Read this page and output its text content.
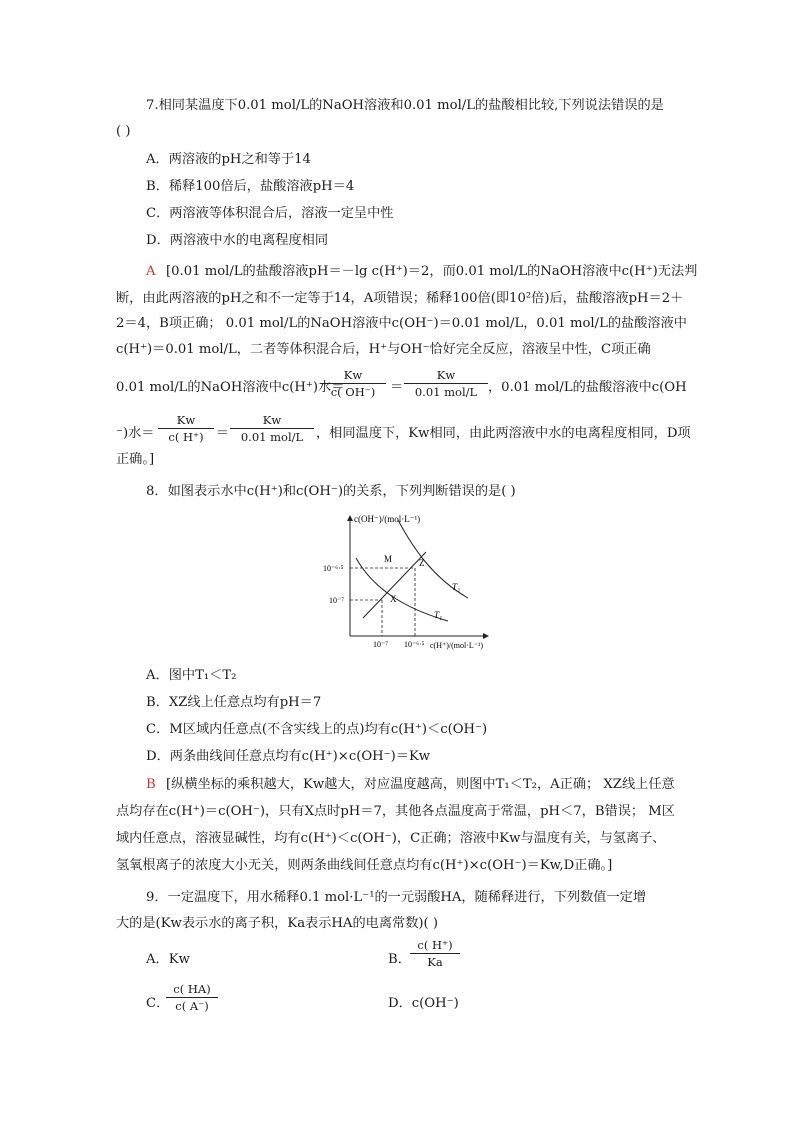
7.相同某温度下0.01 mol/L的NaOH溶液和0.01 mol/L的盐酸相比较,下列说法错误的是
( )
A．两溶液的pH之和等于14
B．稀释100倍后，盐酸溶液pH＝4
C．两溶液等体积混合后，溶液一定呈中性
D．两溶液中水的电离程度相同
A [0.01 mol/L的盐酸溶液pH＝－lg c(H⁺)＝2，而0.01 mol/L的NaOH溶液中c(H⁺)无法判
断，由此两溶液的pH之和不一定等于14，A项错误；稀释100倍(即10²倍)后，盐酸溶液pH＝2＋
2＝4，B项正确； 0.01 mol/L的NaOH溶液中c(OH⁻)＝0.01 mol/L，0.01 mol/L的盐酸溶液中
c(H⁺)＝0.01 mol/L，二者等体积混合后，H⁺与OH⁻恰好完全反应，溶液呈中性，C项正确
0.01 mol/L的NaOH溶液中c(H⁺)水＝
Kw
c( OH⁻)	＝
Kw
0.01 mol/L ，0.01 mol/L的盐酸溶液中c(OH
⁻)水＝
Kw
c( H⁺) ＝
Kw
0.01 mol/L ，相同温度下，Kw相同，由此两溶液中水的电离程度相同，D项
正确。]
8．如图表示水中c(H⁺)和c(OH⁻)的关系，下列判断错误的是( )
c(OH⁻)/(mol·L⁻¹)
c(H⁺)/(mol·L⁻¹)
10⁻⁶·⁵
10⁻⁷
10⁻⁷ 10⁻⁶·⁵
M	Z
X
T₂
T₁
A．图中T₁＜T₂
B．XZ线上任意点均有pH＝7
C．M区域内任意点(不含实线上的点)均有c(H⁺)＜c(OH⁻)
D．两条曲线间任意点均有c(H⁺)×c(OH⁻)＝Kw
B [纵横坐标的乘积越大，Kw越大，对应温度越高，则图中T₁＜T₂，A正确； XZ线上任意
点均存在c(H⁺)＝c(OH⁻)，只有X点时pH＝7，其他各点温度高于常温，pH＜7，B错误； M区
域内任意点，溶液显碱性，均有c(H⁺)＜c(OH⁻)，C正确；溶液中Kw与温度有关，与氢离子、
氢氧根离子的浓度大小无关，则两条曲线间任意点均有c(H⁺)×c(OH⁻)＝Kw,D正确。]
9．一定温度下，用水稀释0.1 mol·L⁻¹的一元弱酸HA，随稀释进行，下列数值一定增
大的是(Kw表示水的离子积，Ka表示HA的电离常数)( )
A．Kw	B．
c( H⁺)
Ka
C．
c( HA)
c( A⁻)	D．c(OH⁻)
